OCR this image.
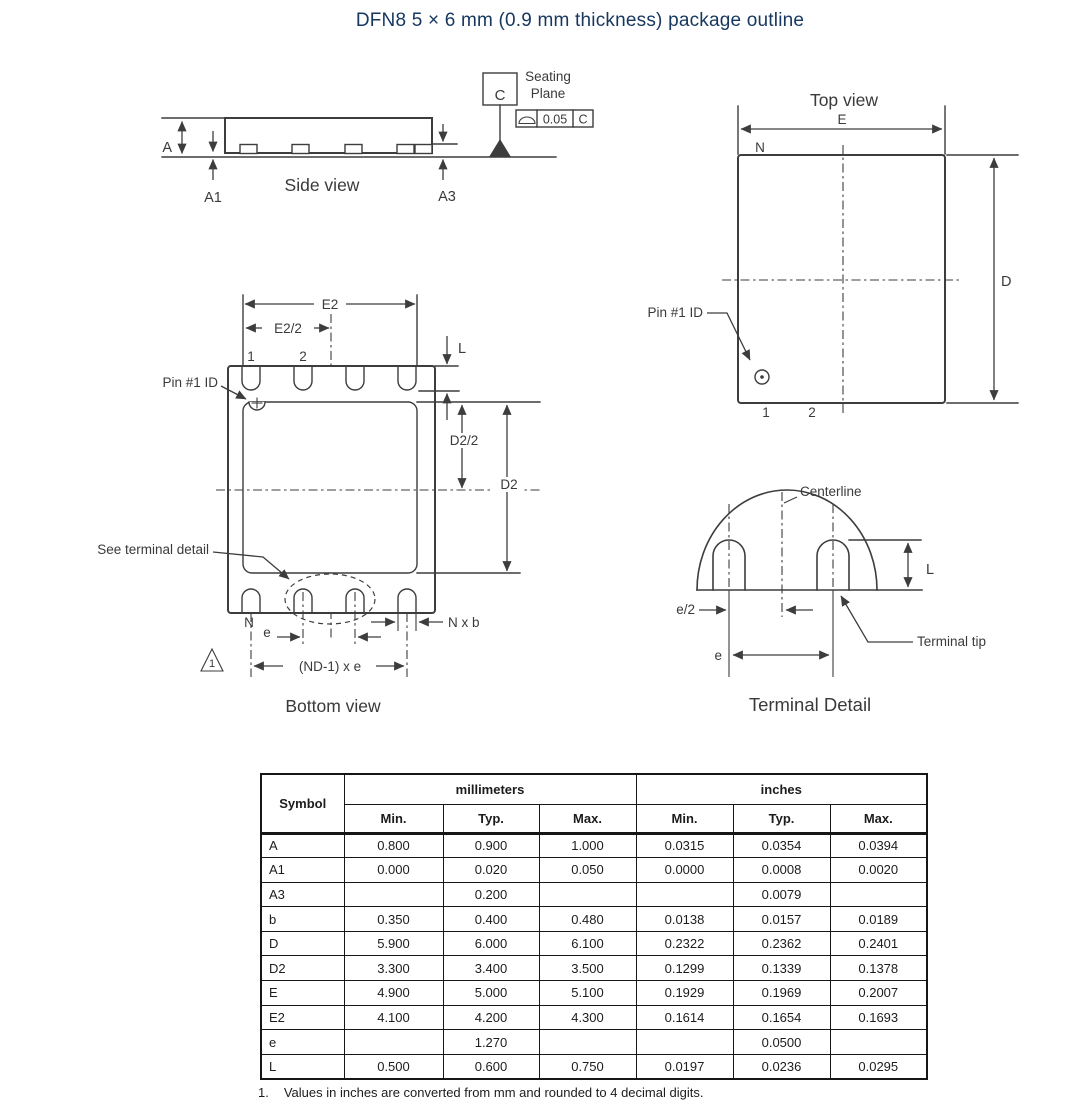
DFN8 5 × 6 mm (0.9 mm thickness) package outline
A
A1	A3
Side view
C
Seating
Plane
0.05 C
Top view
E
N
D
Pin #1 ID
1	2
E2
E2/2
1	2
Pin #1 ID
L
D2/2
D2
See terminal detail
N
e
N x b
1	(ND-1) x e
Bottom view
Centerline
L
e/2
e
Terminal tip
Terminal Detail
Symbol	millimeters			inches		
	Min.	Typ.	Max.	Min.	Typ.	Max.
A	0.800	0.900	1.000	0.0315	0.0354	0.0394
A1	0.000	0.020	0.050	0.0000	0.0008	0.0020
A3		0.200			0.0079	
b	0.350	0.400	0.480	0.0138	0.0157	0.0189
D	5.900	6.000	6.100	0.2322	0.2362	0.2401
D2	3.300	3.400	3.500	0.1299	0.1339	0.1378
E	4.900	5.000	5.100	0.1929	0.1969	0.2007
E2	4.100	4.200	4.300	0.1614	0.1654	0.1693
e		1.270			0.0500	
L	0.500	0.600	0.750	0.0197	0.0236	0.0295
1. Values in inches are converted from mm and rounded to 4 decimal digits.
